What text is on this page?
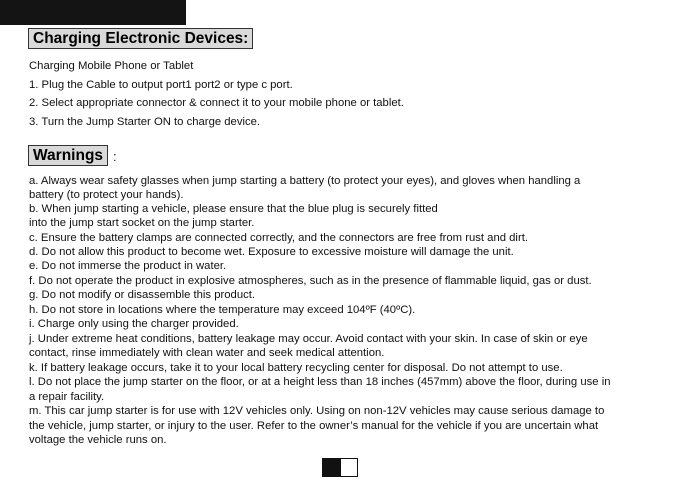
Charging Electronic Devices:
Charging Mobile Phone or Tablet
1. Plug the Cable to output port1 port2 or type c port.
2. Select appropriate connector & connect it to your mobile phone or tablet.
3. Turn the Jump Starter ON to charge device.
Warnings :
a. Always wear safety glasses when jump starting a battery (to protect your eyes), and gloves when handling a
battery (to protect your hands).
b. When jump starting a vehicle, please ensure that the blue plug is securely fitted
into the jump start socket on the jump starter.
c. Ensure the battery clamps are connected correctly, and the connectors are free from rust and dirt.
d. Do not allow this product to become wet. Exposure to excessive moisture will damage the unit.
e. Do not immerse the product in water.
f. Do not operate the product in explosive atmospheres, such as in the presence of flammable liquid, gas or dust.
g. Do not modify or disassemble this product.
h. Do not store in locations where the temperature may exceed 104ºF (40ºC).
i. Charge only using the charger provided.
j. Under extreme heat conditions, battery leakage may occur. Avoid contact with your skin. In case of skin or eye
contact, rinse immediately with clean water and seek medical attention.
k. If battery leakage occurs, take it to your local battery recycling center for disposal. Do not attempt to use.
l. Do not place the jump starter on the floor, or at a height less than 18 inches (457mm) above the floor, during use in
a repair facility.
m. This car jump starter is for use with 12V vehicles only. Using on non-12V vehicles may cause serious damage to
the vehicle, jump starter, or injury to the user. Refer to the owner’s manual for the vehicle if you are uncertain what
voltage the vehicle runs on.
